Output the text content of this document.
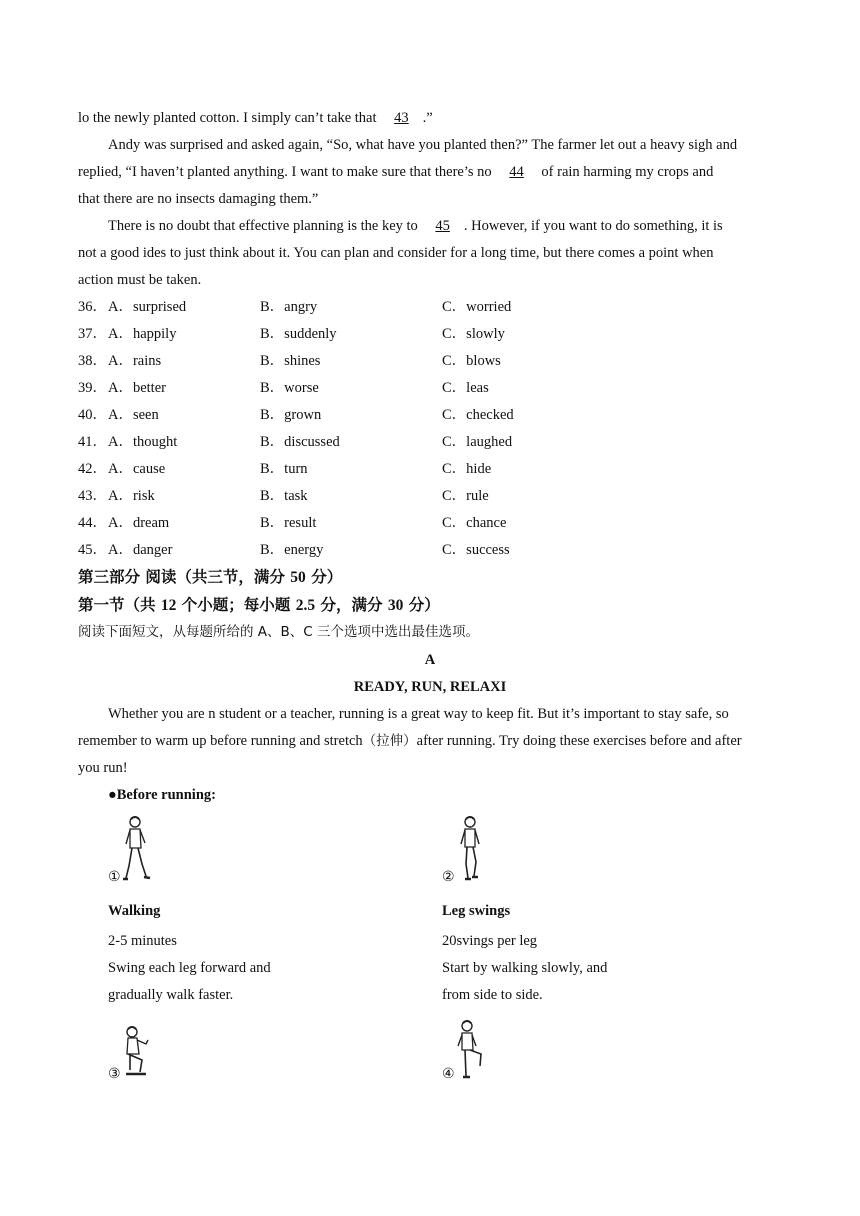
lo the newly planted cotton. I simply can’t take that 43 .”
Andy was surprised and asked again, “So, what have you planted then?” The farmer let out a heavy sigh and
replied, “I haven’t planted anything. I want to make sure that there’s no 44 of rain harming my crops and
that there are no insects damaging them.”
There is no doubt that effective planning is the key to 45 . However, if you want to do something, it is
not a good ides to just think about it. You can plan and consider for a long time, but there comes a point when
action must be taken.
36． A．surprised	B．angry	C．worried
37． A．happily	B．suddenly	C．slowly
38． A．rains	B．shines	C．blows
39． A．better	B．worse	C．leas
40． A．seen	B．grown	C．checked
41． A．thought	B．discussed	C．laughed
42． A．cause	B．turn	C．hide
43． A．risk	B．task	C．rule
44． A．dream	B．result	C．chance
45． A．danger	B．energy	C．success
第三部分 阅读（共三节，满分 50 分）
第一节（共 12 个小题；每小题 2.5 分，满分 30 分）
阅读下面短文，从每题所给的 A、B、C 三个选项中选出最佳选项。
A
READY, RUN, RELAXI
Whether you are n student or a teacher, running is a great way to keep fit. But it’s important to stay safe, so
remember to warm up before running and stretch（拉伸）after running. Try doing these exercises before and after
you run!
●Before running:
①	②
Walking
2-5 minutes
Swing each leg forward and
gradually walk faster.
Leg swings
20svings per leg
Start by walking slowly, and
from side to side.
③	④
